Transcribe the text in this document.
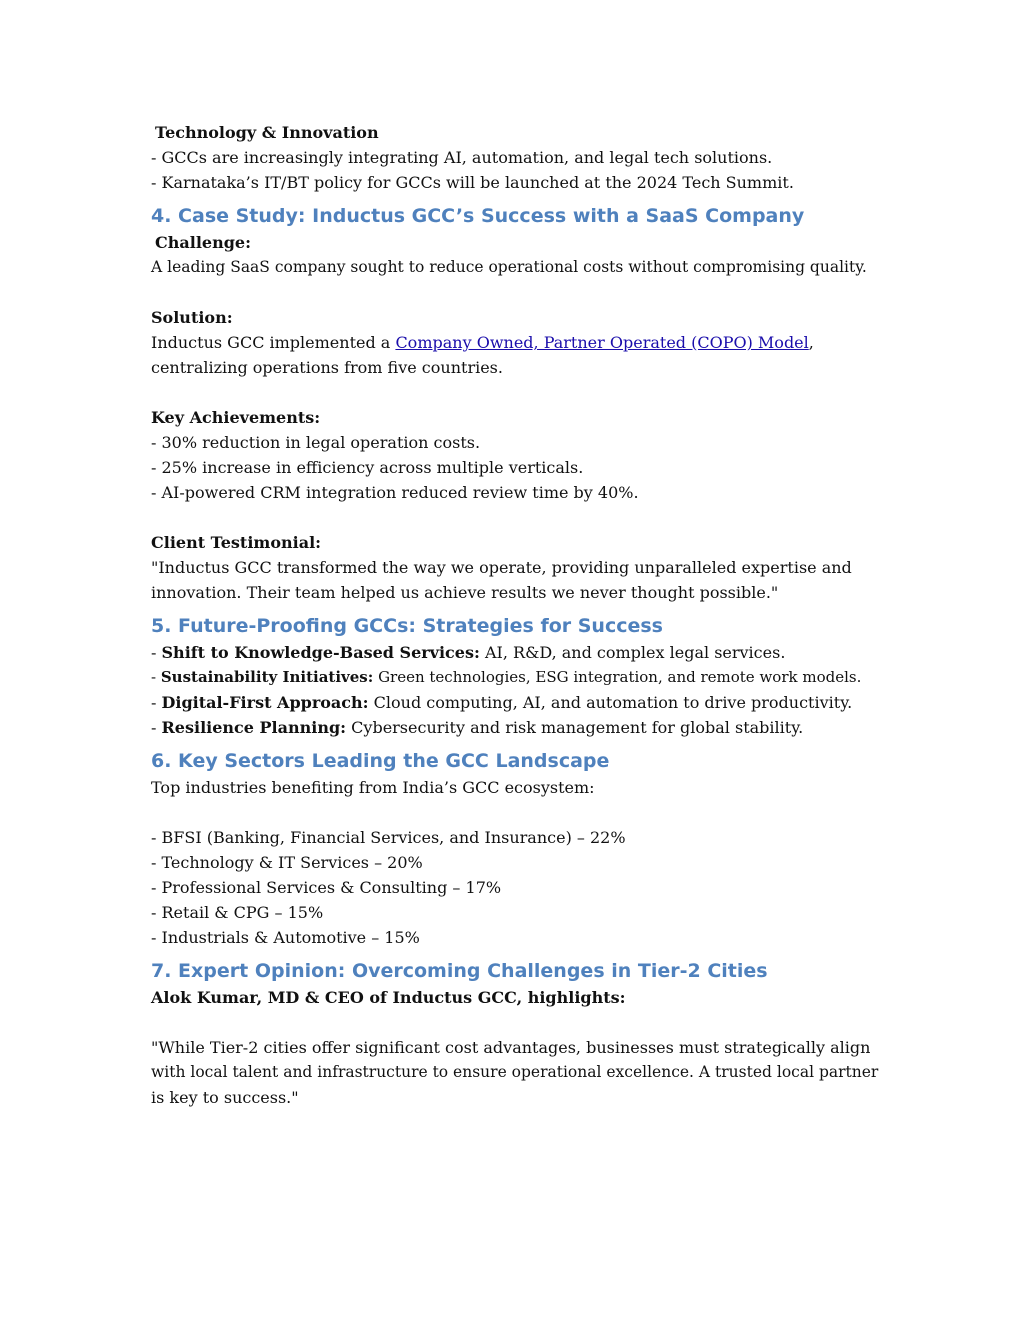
Technology & Innovation
- GCCs are increasingly integrating AI, automation, and legal tech solutions.
- Karnataka’s IT/BT policy for GCCs will be launched at the 2024 Tech Summit.
4. Case Study: Inductus GCC’s Success with a SaaS Company
Challenge:
A leading SaaS company sought to reduce operational costs without compromising quality.
Solution:
Inductus GCC implemented a Company Owned, Partner Operated (COPO) Model,
centralizing operations from five countries.
Key Achievements:
- 30% reduction in legal operation costs.
- 25% increase in efficiency across multiple verticals.
- AI-powered CRM integration reduced review time by 40%.
Client Testimonial:
"Inductus GCC transformed the way we operate, providing unparalleled expertise and
innovation. Their team helped us achieve results we never thought possible."
5. Future-Proofing GCCs: Strategies for Success
- Shift to Knowledge-Based Services: AI, R&D, and complex legal services.
- Sustainability Initiatives: Green technologies, ESG integration, and remote work models.
- Digital-First Approach: Cloud computing, AI, and automation to drive productivity.
- Resilience Planning: Cybersecurity and risk management for global stability.
6. Key Sectors Leading the GCC Landscape
Top industries benefiting from India’s GCC ecosystem:
- BFSI (Banking, Financial Services, and Insurance) – 22%
- Technology & IT Services – 20%
- Professional Services & Consulting – 17%
- Retail & CPG – 15%
- Industrials & Automotive – 15%
7. Expert Opinion: Overcoming Challenges in Tier-2 Cities
Alok Kumar, MD & CEO of Inductus GCC, highlights:
"While Tier-2 cities offer significant cost advantages, businesses must strategically align
with local talent and infrastructure to ensure operational excellence. A trusted local partner
is key to success."
